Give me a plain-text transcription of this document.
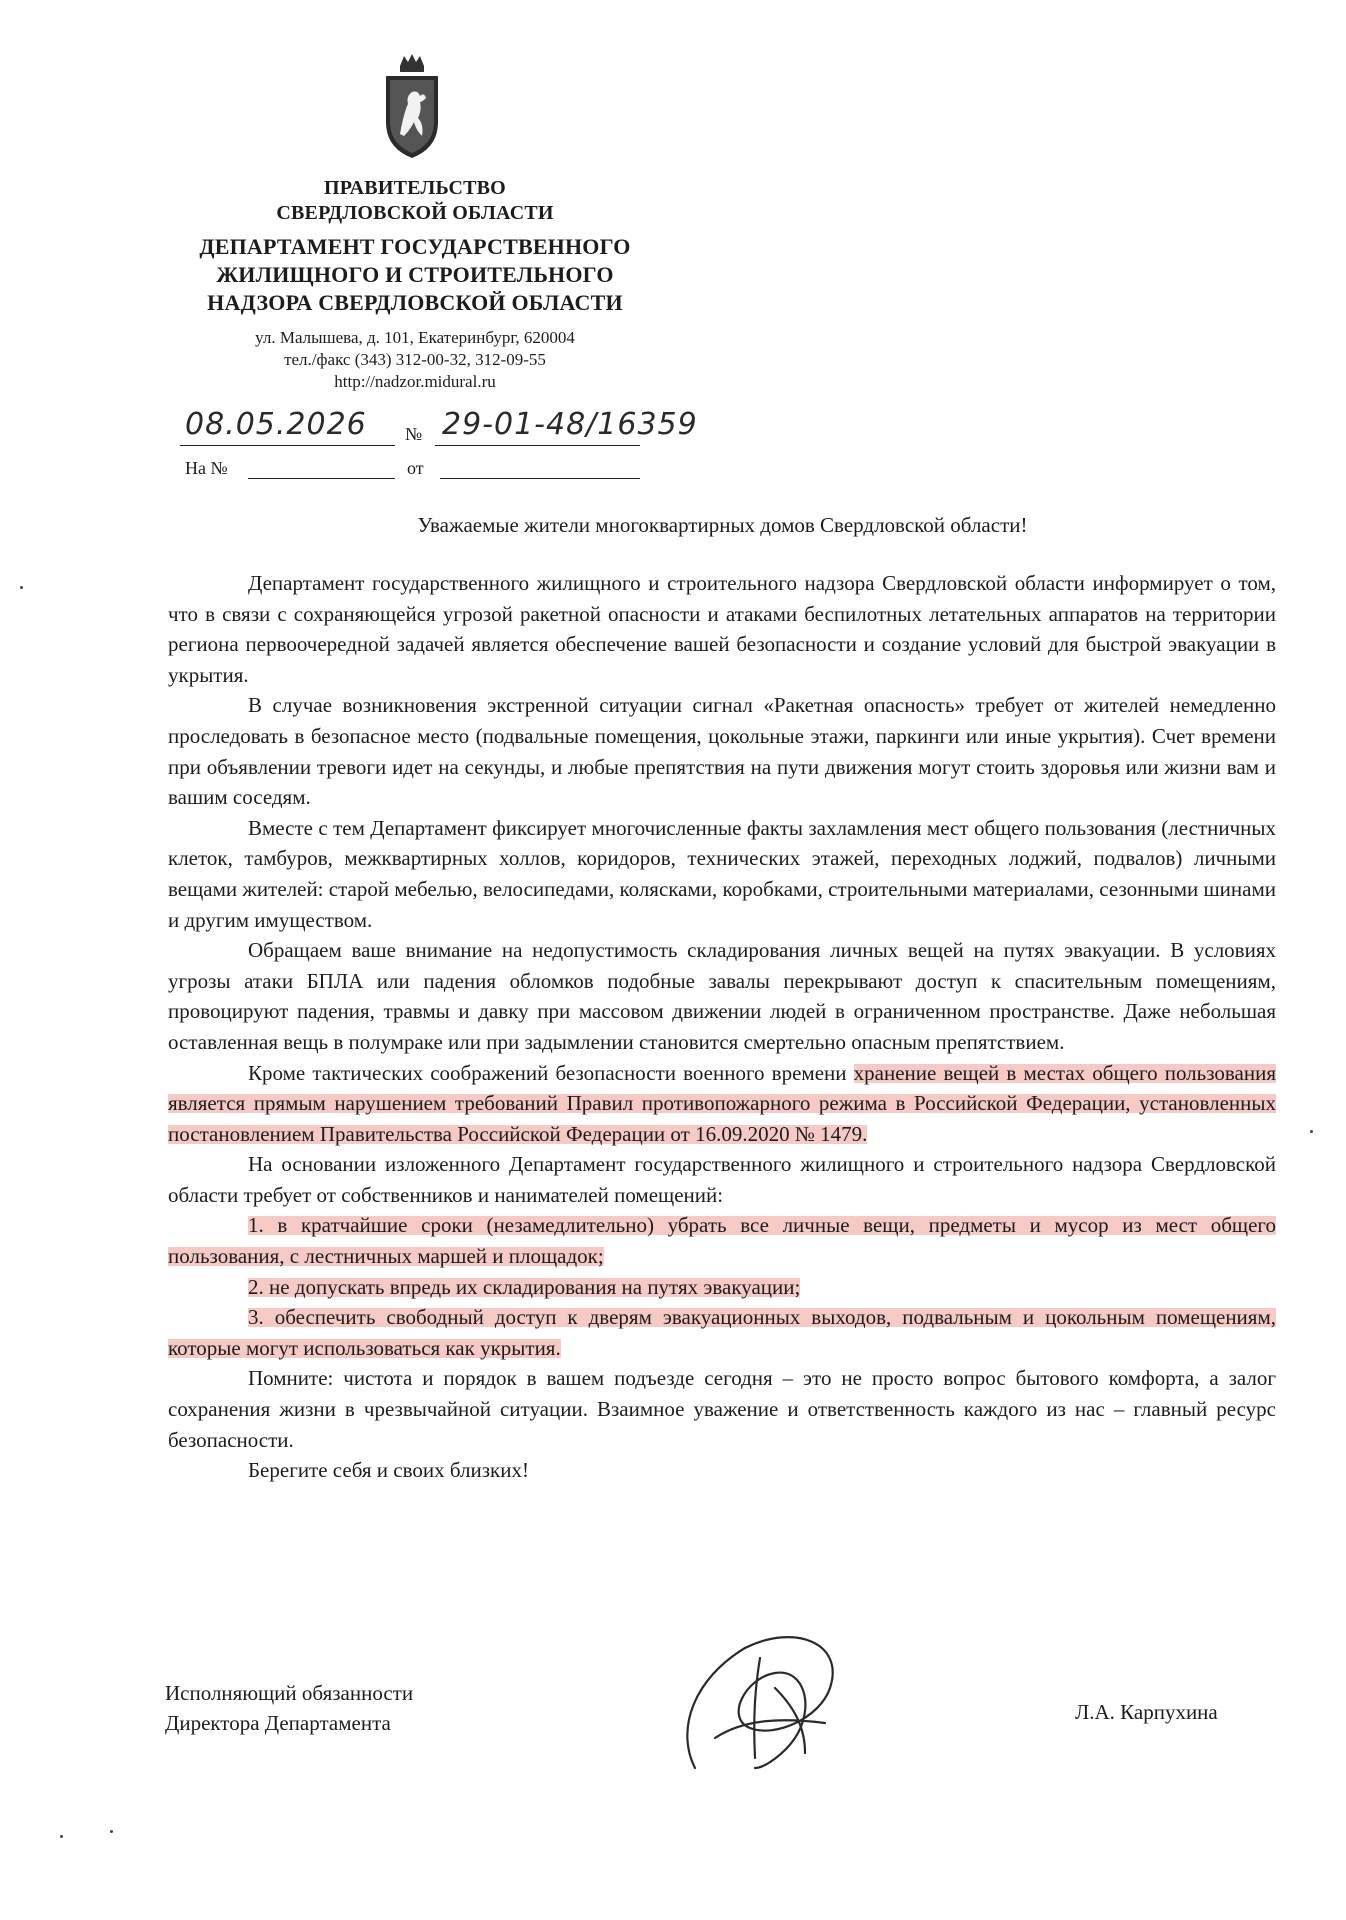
ПРАВИТЕЛЬСТВО
СВЕРДЛОВСКОЙ ОБЛАСТИ
ДЕПАРТАМЕНТ ГОСУДАРСТВЕННОГО
ЖИЛИЩНОГО И СТРОИТЕЛЬНОГО
НАДЗОРА СВЕРДЛОВСКОЙ ОБЛАСТИ
ул. Малышева, д. 101, Екатеринбург, 620004
тел./факс (343) 312-00-32, 312-09-55
http://nadzor.midural.ru
08.05.2026 № 29-01-48/16359
На №	от
Уважаемые жители многоквартирных домов Свердловской области!

Департамент государственного жилищного и строительного надзора Свердловской области информирует о том, что в связи с сохраняющейся угрозой ракетной опасности и атаками беспилотных летательных аппаратов на территории региона первоочередной задачей является обеспечение вашей безопасности и создание условий для быстрой эвакуации в укрытия.

В случае возникновения экстренной ситуации сигнал «Ракетная опасность» требует от жителей немедленно проследовать в безопасное место (подвальные помещения, цокольные этажи, паркинги или иные укрытия). Счет времени при объявлении тревоги идет на секунды, и любые препятствия на пути движения могут стоить здоровья или жизни вам и вашим соседям.

Вместе с тем Департамент фиксирует многочисленные факты захламления мест общего пользования (лестничных клеток, тамбуров, межквартирных холлов, коридоров, технических этажей, переходных лоджий, подвалов) личными вещами жителей: старой мебелью, велосипедами, колясками, коробками, строительными материалами, сезонными шинами и другим имуществом.

Обращаем ваше внимание на недопустимость складирования личных вещей на путях эвакуации. В условиях угрозы атаки БПЛА или падения обломков подобные завалы перекрывают доступ к спасительным помещениям, провоцируют падения, травмы и давку при массовом движении людей в ограниченном пространстве. Даже небольшая оставленная вещь в полумраке или при задымлении становится смертельно опасным препятствием.

Кроме тактических соображений безопасности военного времени хранение вещей в местах общего пользования является прямым нарушением требований Правил противопожарного режима в Российской Федерации, установленных постановлением Правительства Российской Федерации от 16.09.2020 № 1479.

На основании изложенного Департамент государственного жилищного и строительного надзора Свердловской области требует от собственников и нанимателей помещений:

1. в кратчайшие сроки (незамедлительно) убрать все личные вещи, предметы и мусор из мест общего пользования, с лестничных маршей и площадок;

2. не допускать впредь их складирования на путях эвакуации;

3. обеспечить свободный доступ к дверям эвакуационных выходов, подвальным и цокольным помещениям, которые могут использоваться как укрытия.

Помните: чистота и порядок в вашем подъезде сегодня – это не просто вопрос бытового комфорта, а залог сохранения жизни в чрезвычайной ситуации. Взаимное уважение и ответственность каждого из нас – главный ресурс безопасности.

Берегите себя и своих близких!

Исполняющий обязанности
Директора Департамента	Л.А. Карпухина
